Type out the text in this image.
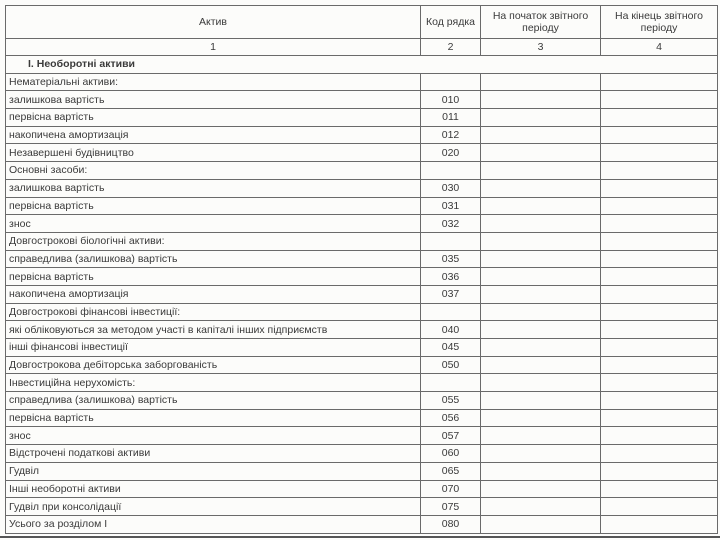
Актив	Код рядка	На початок звітного періоду	На кінець звітного періоду
1	2	3	4
І. Необоротні активи			
Нематеріальні активи:			
залишкова вартість	010		
первісна вартість	011		
накопичена амортизація	012		
Незавершені будівництво	020		
Основні засоби:			
залишкова вартість	030		
первісна вартість	031		
знос	032		
Довгострокові біологічні активи:			
справедлива (залишкова) вартість	035		
первісна вартість	036		
накопичена амортизація	037		
Довгострокові фінансові інвестиції:			
які обліковуються за методом участі в капіталі інших підприємств	040		
інші фінансові інвестиції	045		
Довгострокова дебіторська заборгованість	050		
Інвестиційна нерухомість:			
справедлива (залишкова) вартість	055		
первісна вартість	056		
знос	057		
Відстрочені податкові активи	060		
Гудвіл	065		
Інші необоротні активи	070		
Гудвіл при консолідації	075		
Усього за розділом І	080		
